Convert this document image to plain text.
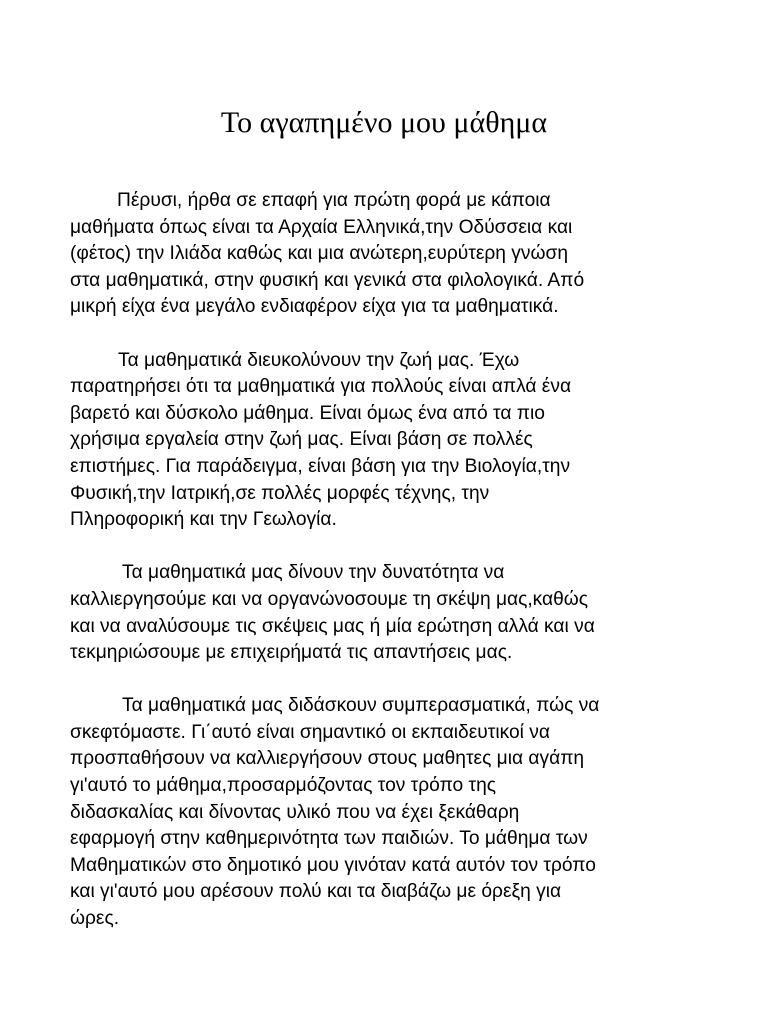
Το αγαπημένο μου μάθημα

Πέρυσι, ήρθα σε επαφή για πρώτη φορά με κάποια
μαθήματα όπως είναι τα Αρχαία Ελληνικά,την Οδύσσεια και
(φέτος) την Ιλιάδα καθώς και μια ανώτερη,ευρύτερη γνώση
στα μαθηματικά, στην φυσική και γενικά στα φιλολογικά. Από
μικρή είχα ένα μεγάλο ενδιαφέρον είχα για τα μαθηματικά.

Τα μαθηματικά διευκολύνουν την ζωή μας. Έχω
παρατηρήσει ότι τα μαθηματικά για πολλούς είναι απλά ένα
βαρετό και δύσκολο μάθημα. Είναι όμως ένα από τα πιο
χρήσιμα εργαλεία στην ζωή μας. Είναι βάση σε πολλές
επιστήμες. Για παράδειγμα, είναι βάση για την Βιολογία,την
Φυσική,την Ιατρική,σε πολλές μορφές τέχνης, την
Πληροφορική και την Γεωλογία.

Τα μαθηματικά μας δίνουν την δυνατότητα να
καλλιεργησούμε και να οργανώνοσουμε τη σκέψη μας,καθώς
και να αναλύσουμε τις σκέψεις μας ή μία ερώτηση αλλά και να
τεκμηριώσουμε με επιχειρήματά τις απαντήσεις μας.

Τα μαθηματικά μας διδάσκουν συμπερασματικά, πώς να
σκεφτόμαστε. Γι΄αυτό είναι σημαντικό οι εκπαιδευτικοί να
προσπαθήσουν να καλλιεργήσουν στους μαθητες μια αγάπη
γι'αυτό το μάθημα,προσαρμόζοντας τον τρόπο της
διδασκαλίας και δίνοντας υλικό που να έχει ξεκάθαρη
εφαρμογή στην καθημερινότητα των παιδιών. Το μάθημα των
Μαθηματικών στο δημοτικό μου γινόταν κατά αυτόν τον τρόπο
και γι'αυτό μου αρέσουν πολύ και τα διαβάζω με όρεξη για
ώρες.
